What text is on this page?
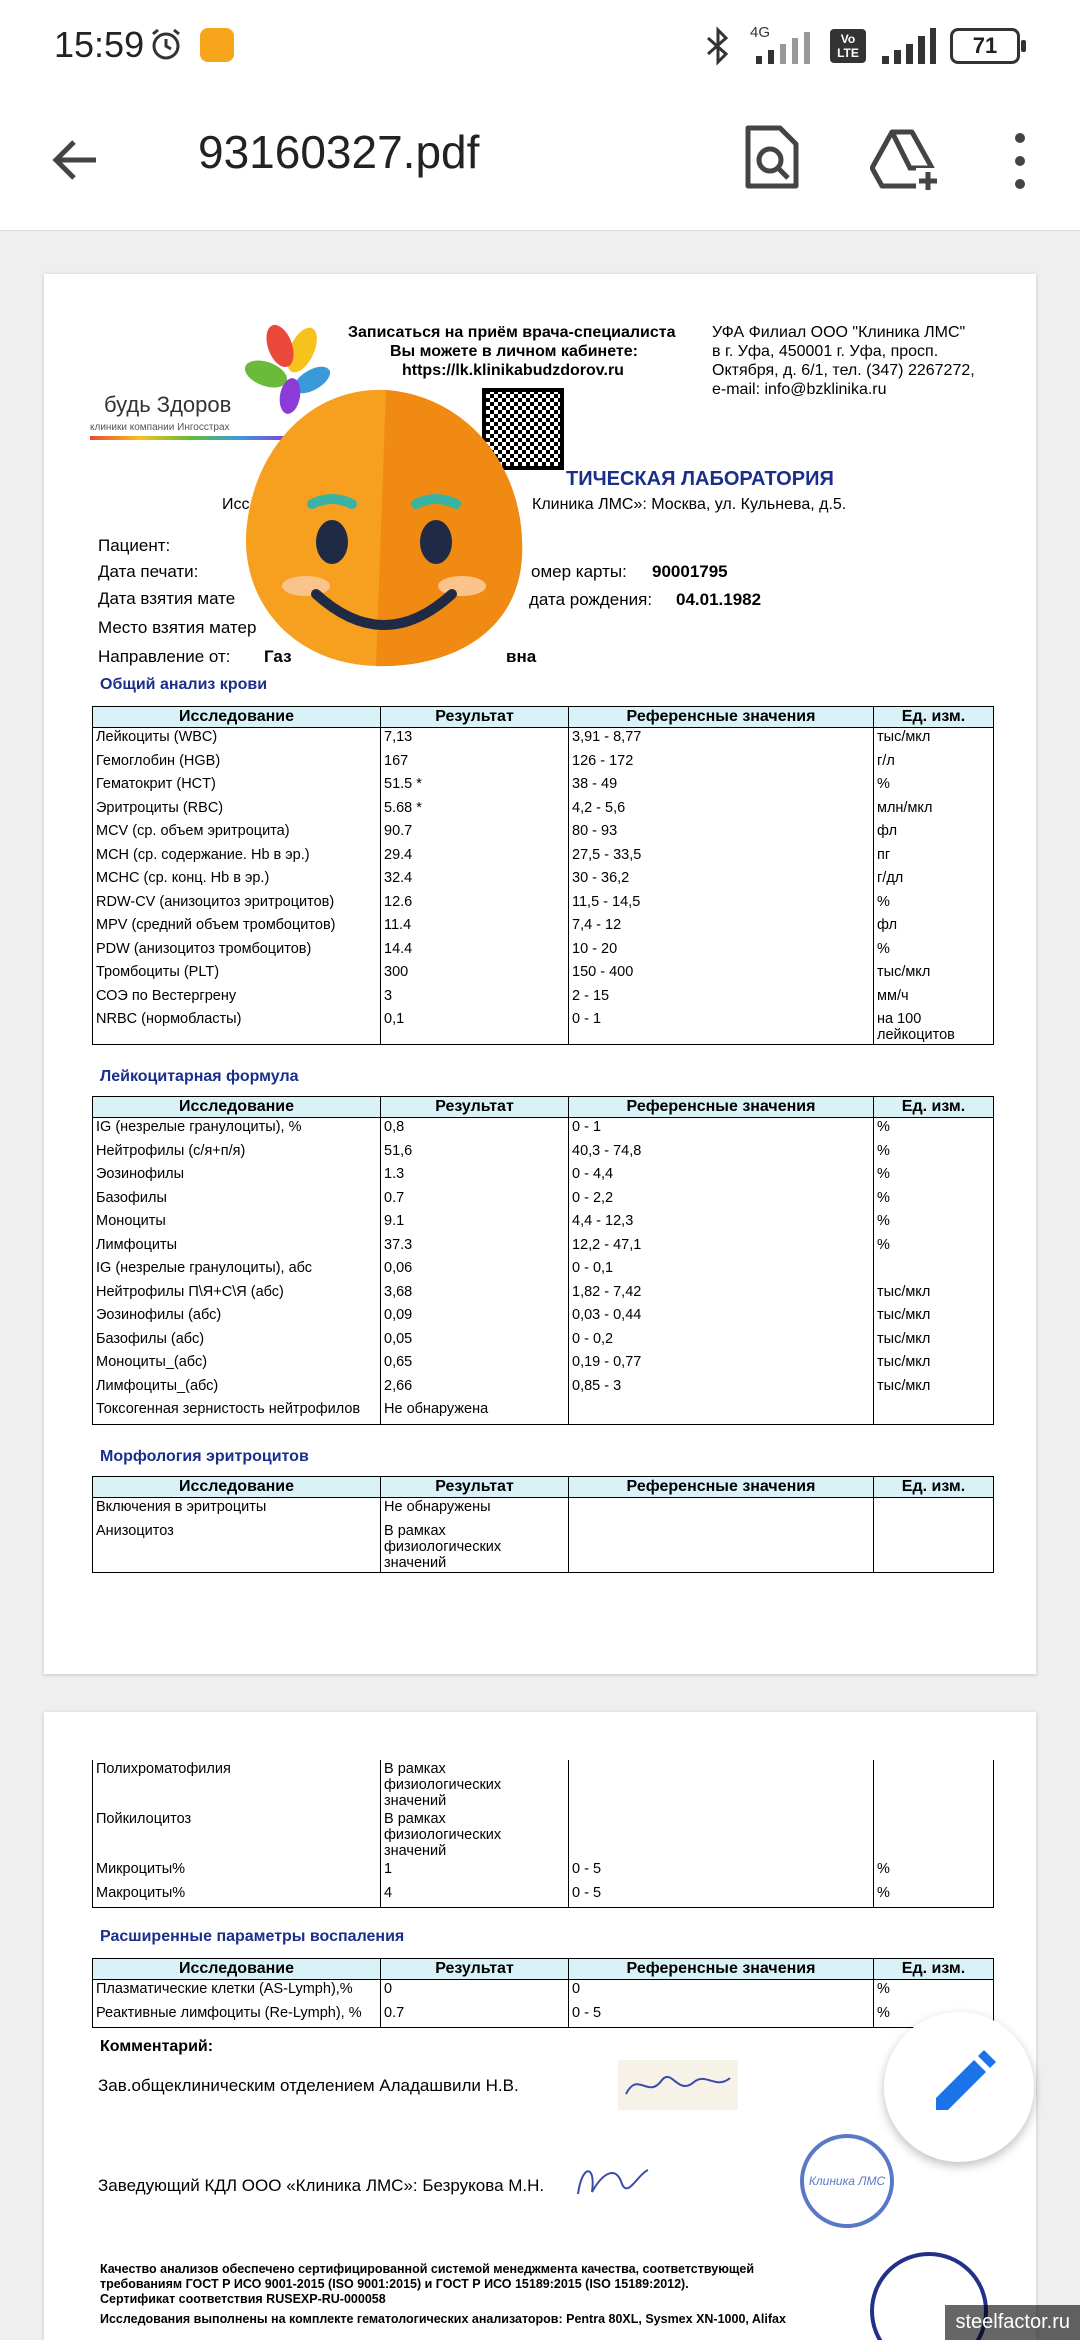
15:59	4G	Vo LTE	71
93160327.pdf
будь Здоров
клиники компании Ингосстрах
Записаться на приём врача-специалиста
Вы можете в личном кабинете:
https://lk.klinikabudzdorov.ru
УФА Филиал ООО "Клиника ЛМС"
в г. Уфа, 450001 г. Уфа, просп.
Октября, д. 6/1, тел. (347) 2267272,
e-mail: info@bzklinika.ru
ТИЧЕСКАЯ ЛАБОРАТОРИЯ
Исс	Клиника ЛМС»: Москва, ул. Кульнева, д.5.
Пациент:
Дата печати:
Дата взятия мате
омер карты: 90001795
дата рождения: 04.01.1982
Место взятия матер
Направление от: Газ	вна
Общий анализ крови
Исследование	Результат	Референсные значения	Ед. изм.
Лейкоциты (WBC)	7,13	3,91 - 8,77	тыс/мкл
Гемоглобин (HGB)	167	126 - 172	г/л
Гематокрит (HCT)	51.5 *	38 - 49	%
Эритроциты (RBC)	5.68 *	4,2 - 5,6	млн/мкл
MCV (ср. объем эритроцита)	90.7	80 - 93	фл
MCH (ср. содержание. Hb в эр.)	29.4	27,5 - 33,5	пг
MCHC (ср. конц. Hb в эр.)	32.4	30 - 36,2	г/дл
RDW-CV (анизоцитоз эритроцитов)	12.6	11,5 - 14,5	%
MPV (средний объем тромбоцитов)	11.4	7,4 - 12	фл
PDW (анизоцитоз тромбоцитов)	14.4	10 - 20	%
Тромбоциты (PLT)	300	150 - 400	тыс/мкл
СОЭ по Вестергрену	3	2 - 15	мм/ч
NRBC (нормобласты)	0,1	0 - 1	на 100 лейкоцитов
Лейкоцитарная формула
Исследование	Результат	Референсные значения	Ед. изм.
IG (незрелые гранулоциты), %	0,8	0 - 1	%
Нейтрофилы (с/я+п/я)	51,6	40,3 - 74,8	%
Эозинофилы	1.3	0 - 4,4	%
Базофилы	0.7	0 - 2,2	%
Моноциты	9.1	4,4 - 12,3	%
Лимфоциты	37.3	12,2 - 47,1	%
IG (незрелые гранулоциты), абс	0,06	0 - 0,1	
Нейтрофилы П\Я+С\Я (абс)	3,68	1,82 - 7,42	тыс/мкл
Эозинофилы (абс)	0,09	0,03 - 0,44	тыс/мкл
Базофилы (абс)	0,05	0 - 0,2	тыс/мкл
Моноциты_(абс)	0,65	0,19 - 0,77	тыс/мкл
Лимфоциты_(абс)	2,66	0,85 - 3	тыс/мкл
Токсогенная зернистость нейтрофилов	Не обнаружена		
Морфология эритроцитов
Исследование	Результат	Референсные значения	Ед. изм.
Включения в эритроциты	Не обнаружены		
Анизоцитоз	В рамках физиологических значений		
Полихроматофилия	В рамках физиологических значений		
Пойкилоцитоз	В рамках физиологических значений		
Микроциты%	1	0 - 5	%
Макроциты%	4	0 - 5	%
Расширенные параметры воспаления
Исследование	Результат	Референсные значения	Ед. изм.
Плазматические клетки (AS-Lymph),%	0	0	%
Реактивные лимфоциты (Re-Lymph), %	0.7	0 - 5	%
Комментарий:
Зав.общеклиническим отделением Аладашвили Н.В.
Заведующий КДЛ ООО «Клиника ЛМС»: Безрукова М.Н.	Клиника ЛМС
Качество анализов обеспечено сертифицированной системой менеджмента качества, соответствующей
требованиям ГОСТ Р ИСО 9001-2015 (ISO 9001:2015) и ГОСТ Р ИСО 15189:2015 (ISO 15189:2012).
Сертификат соответствия RUSEXP-RU-000058
Исследования выполнены на комплекте гематологических анализаторов: Pentra 80XL, Sysmex XN-1000, Alifax	steelfactor.ru
